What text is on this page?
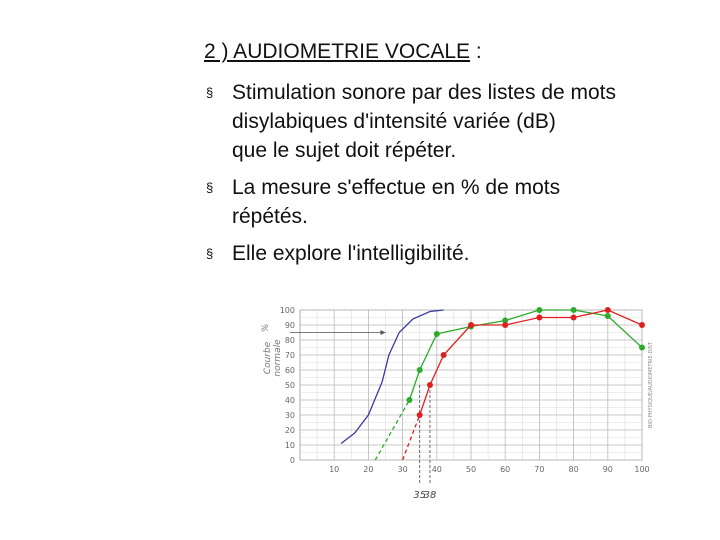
2 ) AUDIOMETRIE VOCALE :
§ Stimulation sonore par des listes de mots
disylabiques d'intensité variée (dB)
que le sujet doit répéter.
§ La mesure s'effectue en % de mots
répétés.
§ Elle explore l'intelligibilité.
10	20	30	40	50	60	70	80	90	100
0
10
20
30
40
50
60
70
80
90
100
%
Courbe normale
35
38
BIO-PHYSIQUE/AUDIOMETRIE-DIST
